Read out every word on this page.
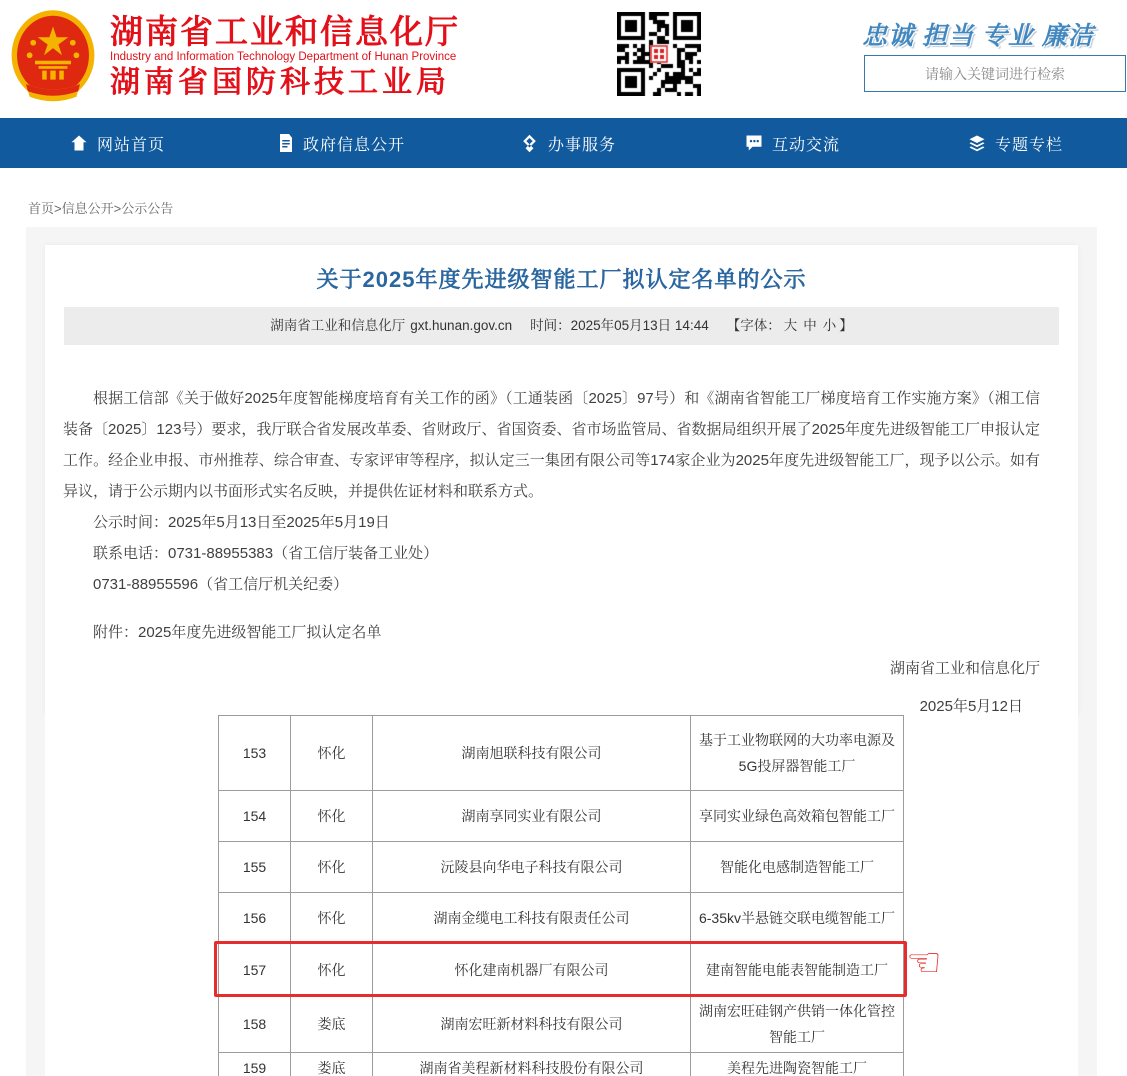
湖南省工业和信息化厅
Industry and Information Technology Department of Hunan Province
湖南省国防科技工业局
忠诚 担当 专业 廉洁
请输入关键词进行检索
网站首页	政府信息公开	办事服务	互动交流	专题专栏
首页>信息公开>公示公告
关于2025年度先进级智能工厂拟认定名单的公示
湖南省工业和信息化厅 gxt.hunan.gov.cn 时间：2025年05月13日 14:44 【字体： 大 中 小 】

根据工信部《关于做好2025年度智能梯度培育有关工作的函》（工通装函〔2025〕97号）和《湖南省智能工厂梯度培育工作实施方案》（湘工信装备〔2025〕123号）要求，我厅联合省发展改革委、省财政厅、省国资委、省市场监管局、省数据局组织开展了2025年度先进级智能工厂申报认定工作。经企业申报、市州推荐、综合审查、专家评审等程序，拟认定三一集团有限公司等174家企业为2025年度先进级智能工厂，现予以公示。如有异议，请于公示期内以书面形式实名反映，并提供佐证材料和联系方式。

公示时间：2025年5月13日至2025年5月19日

联系电话：0731-88955383（省工信厅装备工业处）

0731-88955596（省工信厅机关纪委）

附件：2025年度先进级智能工厂拟认定名单

湖南省工业和信息化厅
2025年5月12日
153	怀化	湖南旭联科技有限公司	基于工业物联网的大功率电源及5G投屏器智能工厂
154	怀化	湖南享同实业有限公司	享同实业绿色高效箱包智能工厂
155	怀化	沅陵县向华电子科技有限公司	智能化电感制造智能工厂
156	怀化	湖南金缆电工科技有限责任公司	6-35kv半悬链交联电缆智能工厂
157	怀化	怀化建南机器厂有限公司	建南智能电能表智能制造工厂
158	娄底	湖南宏旺新材料科技有限公司	湖南宏旺硅钢产供销一体化管控智能工厂
159	娄底	湖南省美程新材料科技股份有限公司	美程先进陶瓷智能工厂
☜
